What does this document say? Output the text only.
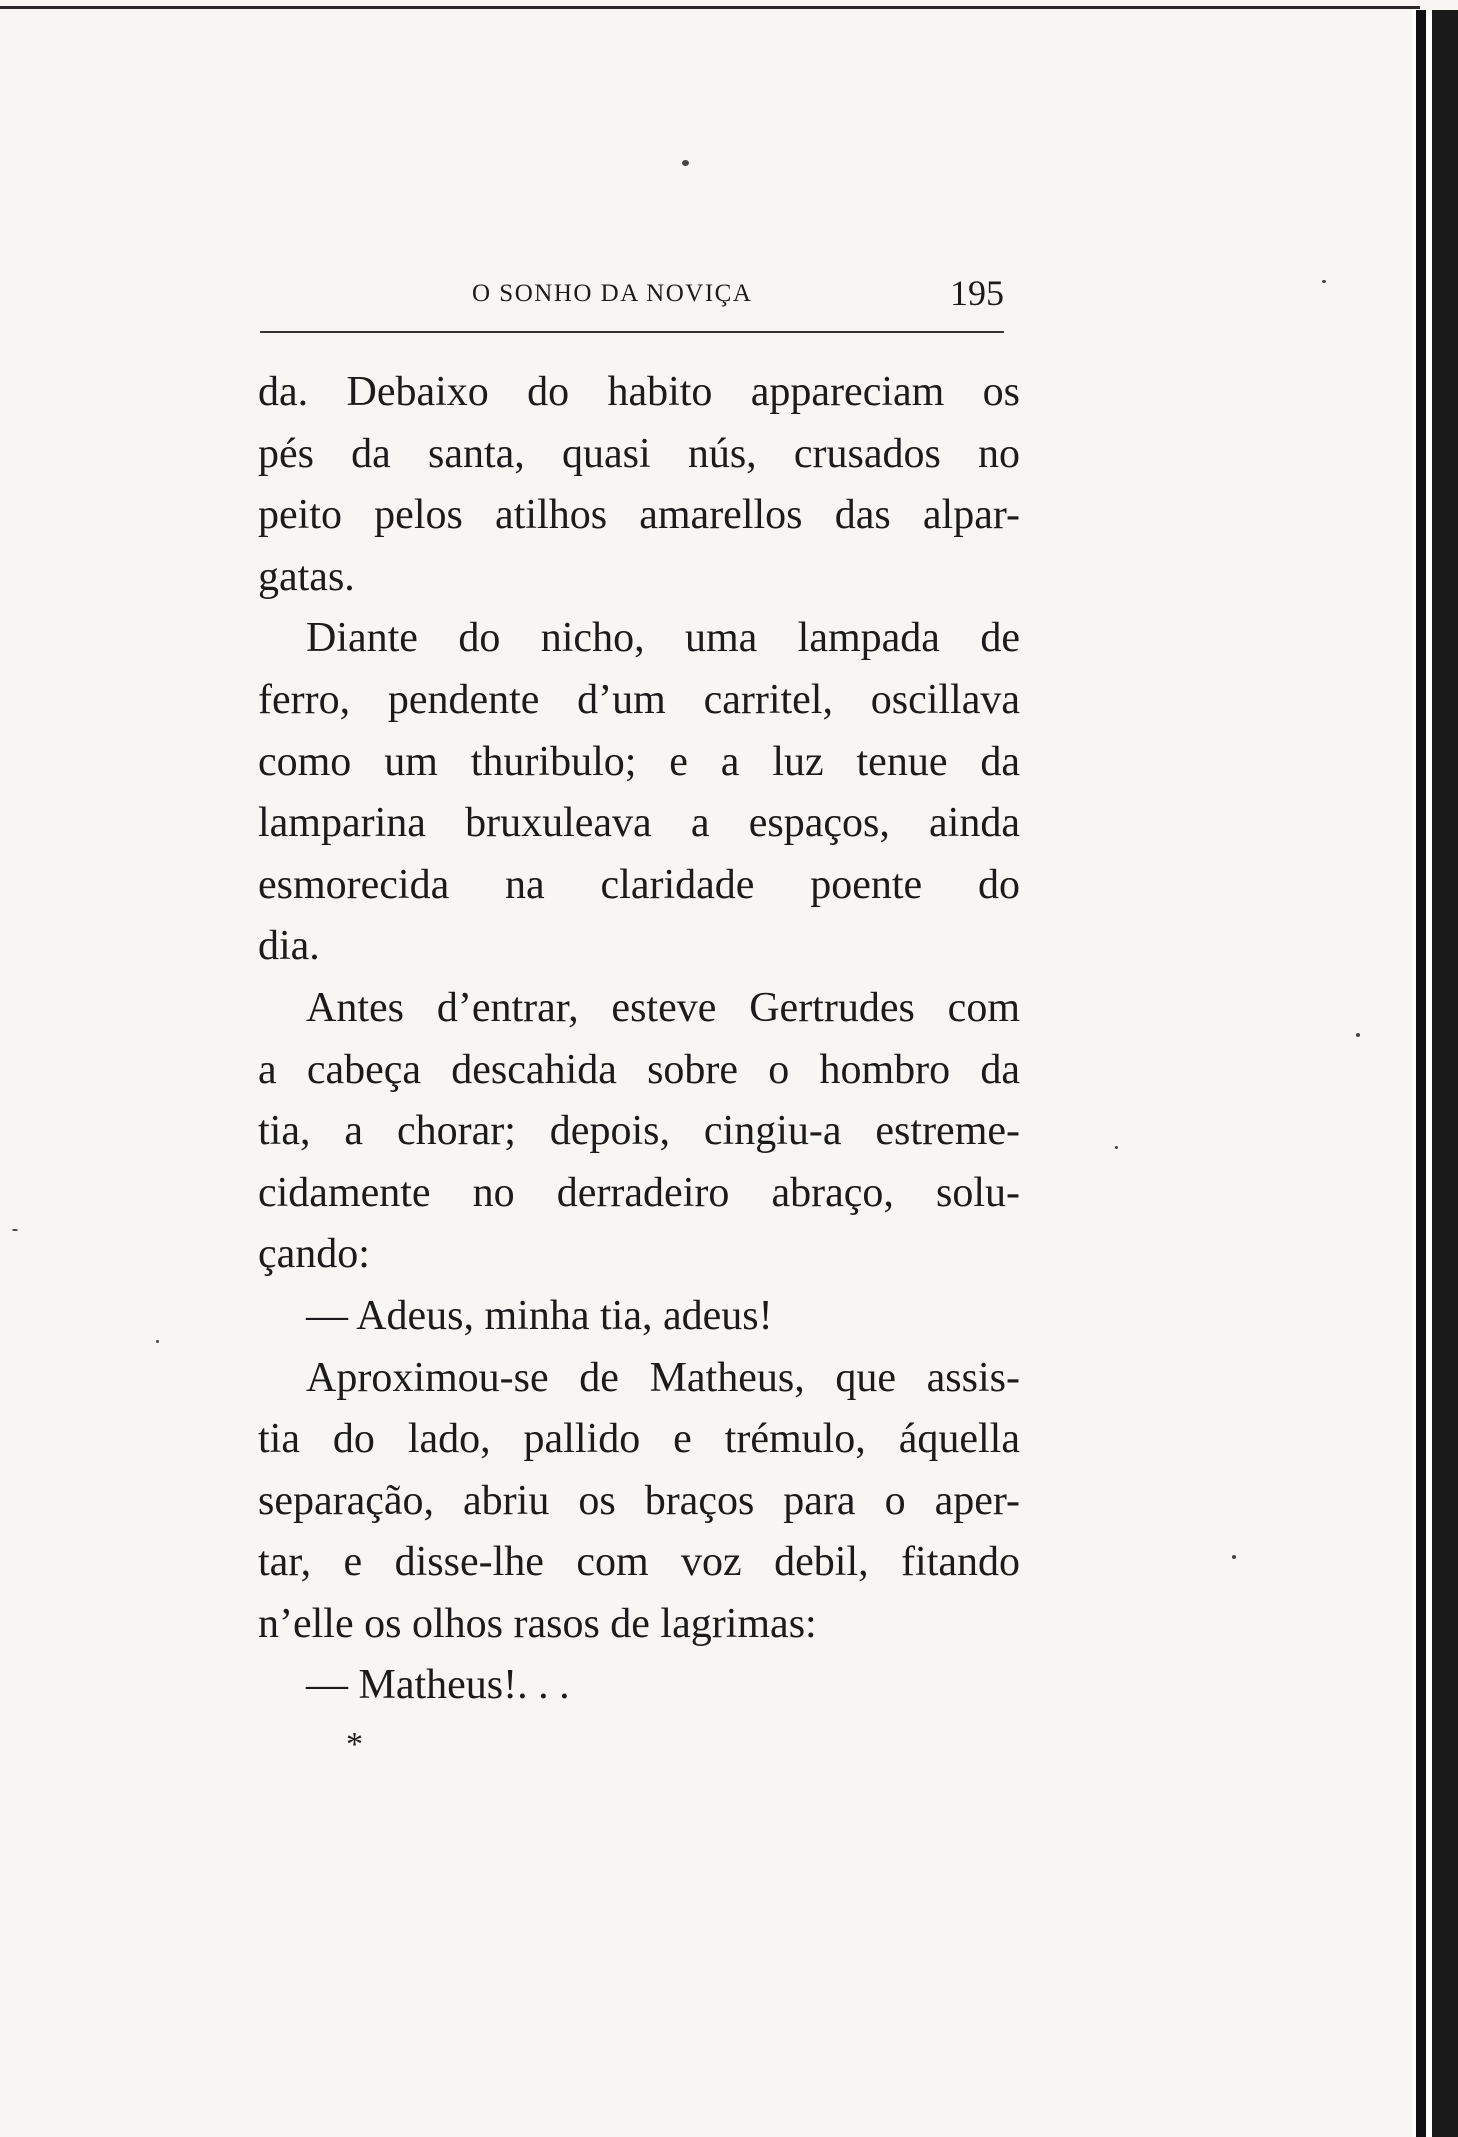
O SONHO DA NOVIÇA	195
da. Debaixo do habito appareciam os
pés da santa, quasi nús, crusados no
peito pelos atilhos amarellos das alpar-
gatas.
Diante do nicho, uma lampada de
ferro, pendente d’um carritel, oscillava
como um thuribulo; e a luz tenue da
lamparina bruxuleava a espaços, ainda
esmorecida na claridade poente do
dia.
Antes d’entrar, esteve Gertrudes com
a cabeça descahida sobre o hombro da
tia, a chorar; depois, cingiu-a estreme-
cidamente no derradeiro abraço, solu-
çando:
— Adeus, minha tia, adeus!
Aproximou-se de Matheus, que assis-
tia do lado, pallido e trémulo, áquella
separação, abriu os braços para o aper-
tar, e disse-lhe com voz debil, fitando
n’elle os olhos rasos de lagrimas:
— Matheus!. . .
*
